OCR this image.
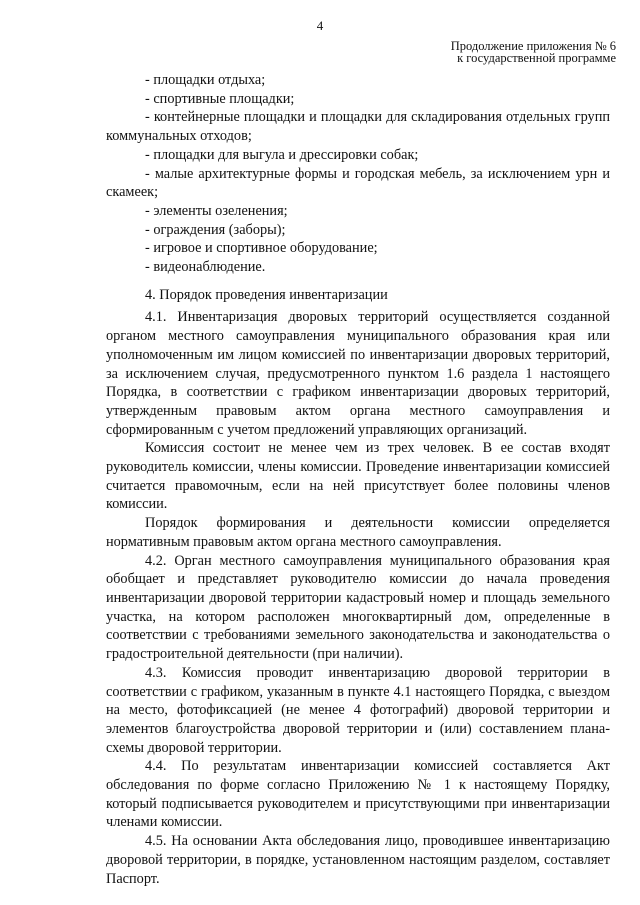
4
Продолжение приложения № 6
к государственной программе

- площадки отдыха;

- спортивные площадки;

- контейнерные площадки и площадки для складирования отдельных групп коммунальных отходов;

- площадки для выгула и дрессировки собак;

- малые архитектурные формы и городская мебель, за исключением урн и скамеек;

- элементы озеленения;

- ограждения (заборы);

- игровое и спортивное оборудование;

- видеонаблюдение.

4. Порядок проведения инвентаризации

4.1. Инвентаризация дворовых территорий осуществляется созданной органом местного самоуправления муниципального образования края или уполномоченным им лицом комиссией по инвентаризации дворовых территорий, за исключением случая, предусмотренного пунктом 1.6 раздела 1 настоящего Порядка, в соответствии с графиком инвентаризации дворовых территорий, утвержденным правовым актом органа местного самоуправления и сформированным с учетом предложений управляющих организаций.

Комиссия состоит не менее чем из трех человек. В ее состав входят руководитель комиссии, члены комиссии. Проведение инвентаризации комиссией считается правомочным, если на ней присутствует более половины членов комиссии.

Порядок формирования и деятельности комисcии определяется нормативным правовым актом органа местного самоуправления.

4.2. Орган местного самоуправления муниципального образования края обобщает и представляет руководителю комиссии до начала проведения инвентаризации дворовой территории кадастровый номер и площадь земельного участка, на котором расположен многоквартирный дом, определенные в соответствии с требованиями земельного законодательства и законодательства о градостроительной деятельности (при наличии).

4.3. Комиссия проводит инвентаризацию дворовой территории в соответствии с графиком, указанным в пункте 4.1 настоящего Порядка, с выездом на место, фотофиксацией (не менее 4 фотографий) дворовой территории и элементов благоустройства дворовой территории и (или) составлением плана-схемы дворовой территории.

4.4. По результатам инвентаризации комиссией составляется Акт обследования по форме согласно Приложению № 1 к настоящему Порядку, который подписывается руководителем и присутствующими при инвентаризации членами комиссии.

4.5. На основании Акта обследования лицо, проводившее инвентаризацию дворовой территории, в порядке, установленном настоящим разделом, составляет Паспорт.
